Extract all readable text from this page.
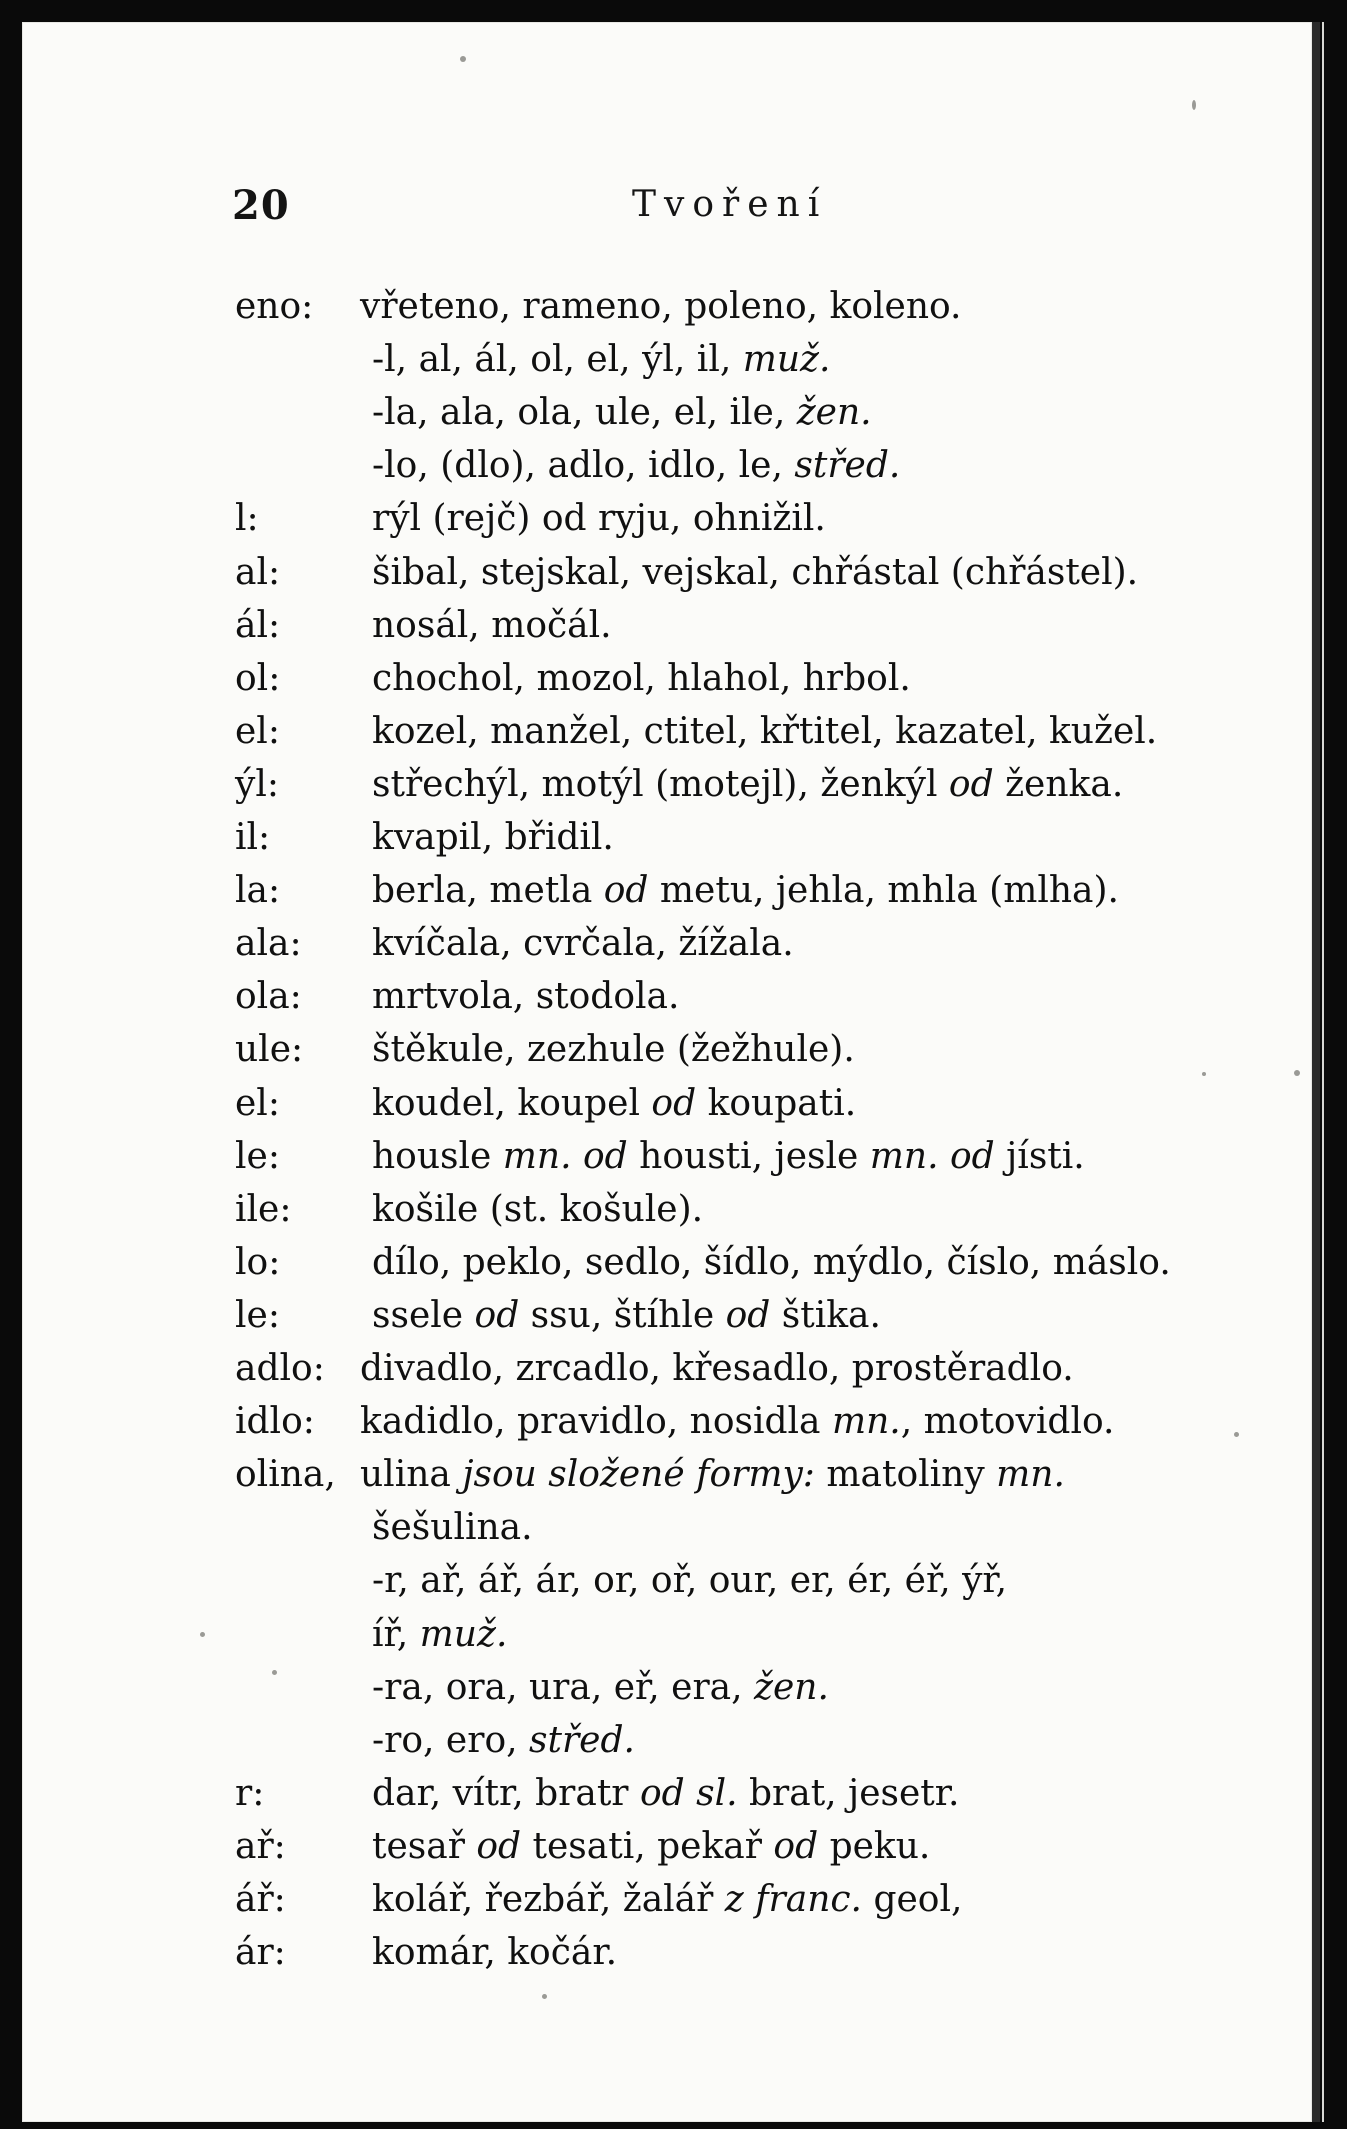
20	Tvoření
eno: vřeteno, rameno, poleno, koleno.
-l, al, ál, ol, el, ýl, il, muž.
-la, ala, ola, ule, el, ile, žen.
-lo, (dlo), adlo, idlo, le, střed.
l:	rýl (rejč) od ryju, ohnižil.
al:	šibal, stejskal, vejskal, chřástal (chřástel).
ál:	nosál, močál.
ol:	chochol, mozol, hlahol, hrbol.
el:	kozel, manžel, ctitel, křtitel, kazatel, kužel.
ýl:	střechýl, motýl (motejl), ženkýl od ženka.
il:	kvapil, břidil.
la:	berla, metla od metu, jehla, mhla (mlha).
ala: kvíčala, cvrčala, žížala.
ola: mrtvola, stodola.
ule: štěkule, zezhule (žežhule).
el:	koudel, koupel od koupati.
le:	housle mn. od housti, jesle mn. od jísti.
ile: košile (st. košule).
lo:	dílo, peklo, sedlo, šídlo, mýdlo, číslo, máslo.
le:	ssele od ssu, štíhle od štika.
adlo: divadlo, zrcadlo, křesadlo, prostěradlo.
idlo: kadidlo, pravidlo, nosidla mn., motovidlo.
olina, ulina jsou složené formy: matoliny mn.
šešulina.
-r, ař, ář, ár, or, oř, our, er, ér, éř, ýř,
íř, muž.
-ra, ora, ura, eř, era, žen.
-ro, ero, střed.
r:	dar, vítr, bratr od sl. brat, jesetr.
ař: tesař od tesati, pekař od peku.
ář: kolář, řezbář, žalář z franc. geol,
ár: komár, kočár.
